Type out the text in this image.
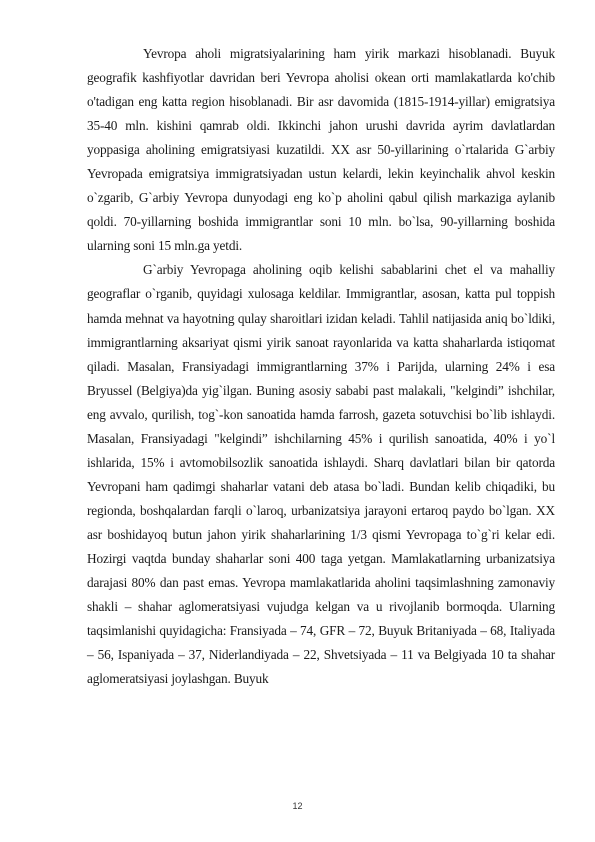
Yevropa aholi migratsiyalarining ham yirik markazi hisoblanadi. Buyuk geografik kashfiyotlar davridan beri Yevropa aholisi okean orti mamlakatlarda ko'chib o'tadigan eng katta region hisoblanadi. Bir asr davomida (1815-1914-yillar) emigratsiya 35-40 mln. kishini qamrab oldi. Ikkinchi jahon urushi davrida ayrim davlatlardan yoppasiga aholining emigratsiyasi kuzatildi. XX asr 50-yillarining o`rtalarida G`arbiy Yevropada emigratsiya immigratsiyadan ustun kelardi, lekin keyinchalik ahvol keskin o`zgarib, G`arbiy Yevropa dunyodagi eng ko`p aholini qabul qilish markaziga aylanib qoldi. 70-yillarning boshida immigrantlar soni 10 mln. bo`lsa, 90-yillarning boshida ularning soni 15 mln.ga yetdi.

G`arbiy Yevropaga aholining oqib kelishi sabablarini chet el va mahalliy geograflar o`rganib, quyidagi xulosaga keldilar. Immigrantlar, asosan, katta pul toppish hamda mehnat va hayotning qulay sharoitlari izidan keladi. Tahlil natijasida aniq bo`ldiki, immigrantlarning aksariyat qismi yirik sanoat rayonlarida va katta shaharlarda istiqomat qiladi. Masalan, Fransiyadagi immigrantlarning 37% i Parijda, ularning 24% i esa Bryussel (Belgiya)da yig`ilgan. Buning asosiy sababi past malakali, "kelgindi” ishchilar, eng avvalo, qurilish, tog`-kon sanoatida hamda farrosh, gazeta sotuvchisi bo`lib ishlaydi. Masalan, Fransiyadagi "kelgindi” ishchilarning 45% i qurilish sanoatida, 40% i yo`l ishlarida, 15% i avtomobilsozlik sanoatida ishlaydi. Sharq davlatlari bilan bir qatorda Yevropani ham qadimgi shaharlar vatani deb atasa bo`ladi. Bundan kelib chiqadiki, bu regionda, boshqalardan farqli o`laroq, urbanizatsiya jarayoni ertaroq paydo bo`lgan. XX asr boshidayoq butun jahon yirik shaharlarining 1/3 qismi Yevropaga to`g`ri kelar edi. Hozirgi vaqtda bunday shaharlar soni 400 taga yetgan. Mamlakatlarning urbanizatsiya darajasi 80% dan past emas. Yevropa mamlakatlarida aholini taqsimlashning zamonaviy shakli – shahar aglomeratsiyasi vujudga kelgan va u rivojlanib bormoqda. Ularning taqsimlanishi quyidagicha: Fransiyada – 74, GFR – 72, Buyuk Britaniyada – 68, Italiyada – 56, Ispaniyada – 37, Niderlandiyada – 22, Shvetsiyada – 11 va Belgiyada 10 ta shahar aglomeratsiyasi joylashgan. Buyuk

12
